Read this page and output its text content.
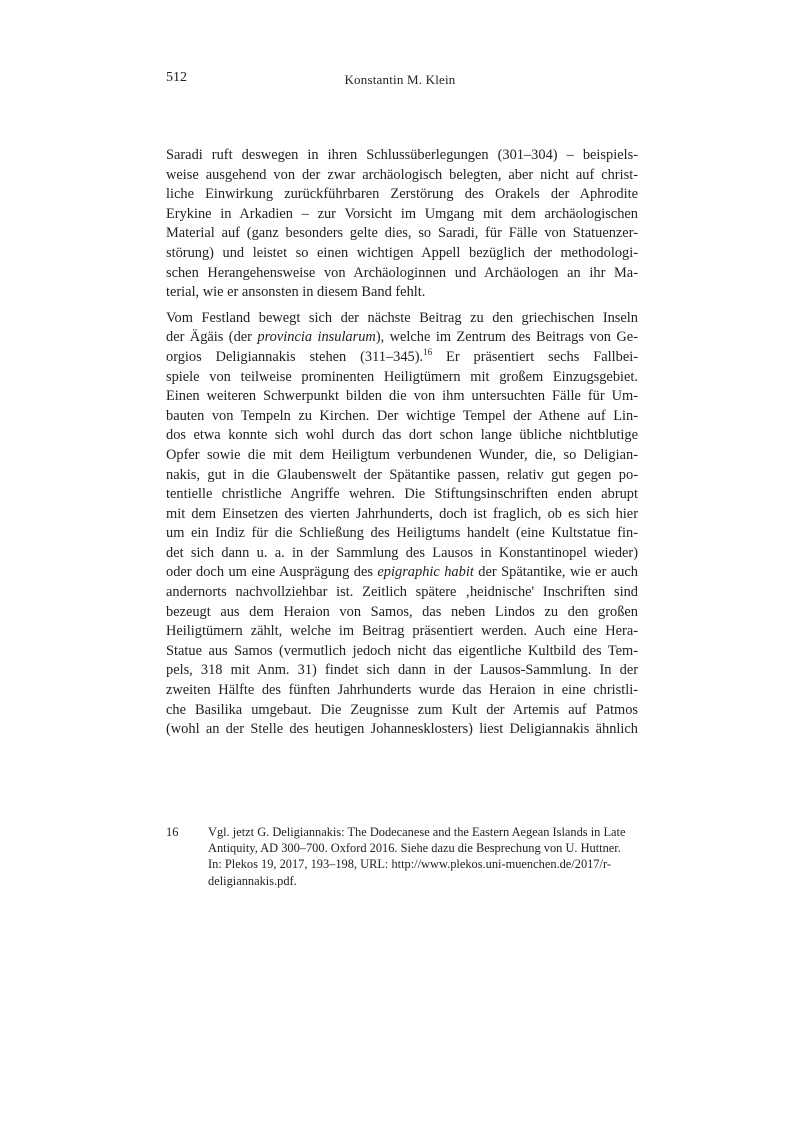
512	Konstantin M. Klein
Saradi ruft deswegen in ihren Schlussüberlegungen (301–304) – beispiels-
weise ausgehend von der zwar archäologisch belegten, aber nicht auf christ-
liche Einwirkung zurückführbaren Zerstörung des Orakels der Aphrodite
Erykine in Arkadien – zur Vorsicht im Umgang mit dem archäologischen
Material auf (ganz besonders gelte dies, so Saradi, für Fälle von Statuenzer-
störung) und leistet so einen wichtigen Appell bezüglich der methodologi-
schen Herangehensweise von Archäologinnen und Archäologen an ihr Ma-
terial, wie er ansonsten in diesem Band fehlt.
Vom Festland bewegt sich der nächste Beitrag zu den griechischen Inseln
der Ägäis (der provincia insularum), welche im Zentrum des Beitrags von Ge-
orgios Deligiannakis stehen (311–345).$^{16}$ Er präsentiert sechs Fallbei-
spiele von teilweise prominenten Heiligtümern mit großem Einzugsgebiet.
Einen weiteren Schwerpunkt bilden die von ihm untersuchten Fälle für Um-
bauten von Tempeln zu Kirchen. Der wichtige Tempel der Athene auf Lin-
dos etwa konnte sich wohl durch das dort schon lange übliche nichtblutige
Opfer sowie die mit dem Heiligtum verbundenen Wunder, die, so Deligian-
nakis, gut in die Glaubenswelt der Spätantike passen, relativ gut gegen po-
tentielle christliche Angriffe wehren. Die Stiftungsinschriften enden abrupt
mit dem Einsetzen des vierten Jahrhunderts, doch ist fraglich, ob es sich hier
um ein Indiz für die Schließung des Heiligtums handelt (eine Kultstatue fin-
det sich dann u. a. in der Sammlung des Lausos in Konstantinopel wieder)
oder doch um eine Ausprägung des epigraphic habit der Spätantike, wie er auch
andernorts nachvollziehbar ist. Zeitlich spätere ‚heidnische' Inschriften sind
bezeugt aus dem Heraion von Samos, das neben Lindos zu den großen
Heiligtümern zählt, welche im Beitrag präsentiert werden. Auch eine Hera-
Statue aus Samos (vermutlich jedoch nicht das eigentliche Kultbild des Tem-
pels, 318 mit Anm. 31) findet sich dann in der Lausos-Sammlung. In der
zweiten Hälfte des fünften Jahrhunderts wurde das Heraion in eine christli-
che Basilika umgebaut. Die Zeugnisse zum Kult der Artemis auf Patmos
(wohl an der Stelle des heutigen Johannesklosters) liest Deligiannakis ähnlich
16 Vgl. jetzt G. Deligiannakis: The Dodecanese and the Eastern Aegean Islands in Late
Antiquity, AD 300–700. Oxford 2016. Siehe dazu die Besprechung von U. Huttner.
In: Plekos 19, 2017, 193–198, URL: http://www.plekos.uni-muenchen.de/2017/r-
deligiannakis.pdf.
